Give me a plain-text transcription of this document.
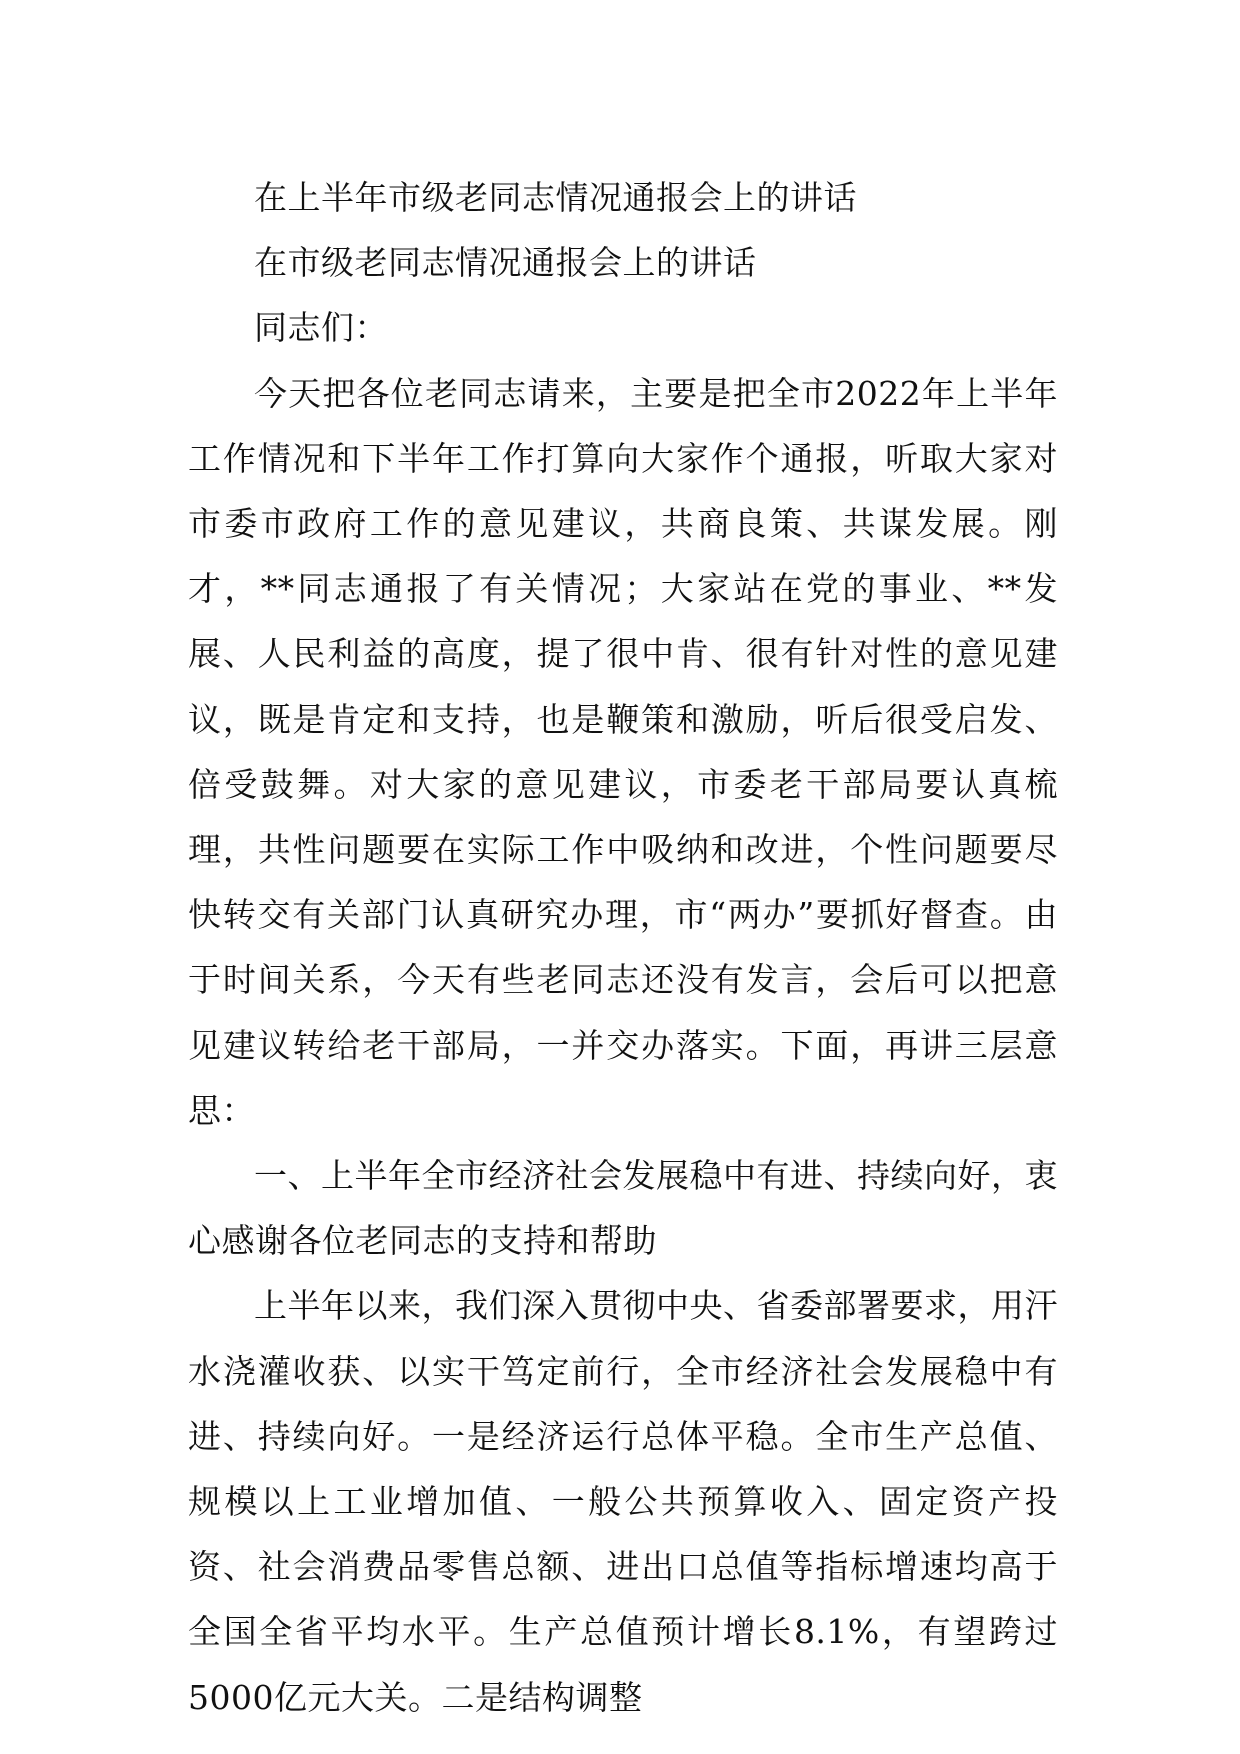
在上半年市级老同志情况通报会上的讲话

在市级老同志情况通报会上的讲话

同志们：

今天把各位老同志请来，主要是把全市2022年上半年工作情况和下半年工作打算向大家作个通报，听取大家对市委市政府工作的意见建议，共商良策、共谋发展。刚才，**同志通报了有关情况；大家站在党的事业、**发展、人民利益的高度，提了很中肯、很有针对性的意见建议，既是肯定和支持，也是鞭策和激励，听后很受启发、倍受鼓舞。对大家的意见建议，市委老干部局要认真梳理，共性问题要在实际工作中吸纳和改进，个性问题要尽快转交有关部门认真研究办理，市“两办”要抓好督查。由于时间关系，今天有些老同志还没有发言，会后可以把意见建议转给老干部局，一并交办落实。下面，再讲三层意思：

一、上半年全市经济社会发展稳中有进、持续向好，衷心感谢各位老同志的支持和帮助

上半年以来，我们深入贯彻中央、省委部署要求，用汗水浇灌收获、以实干笃定前行，全市经济社会发展稳中有进、持续向好。一是经济运行总体平稳。全市生产总值、规模以上工业增加值、一般公共预算收入、固定资产投资、社会消费品零售总额、进出口总值等指标增速均高于全国全省平均水平。生产总值预计增长8.1%，有望跨过5000亿元大关。二是结构调整
